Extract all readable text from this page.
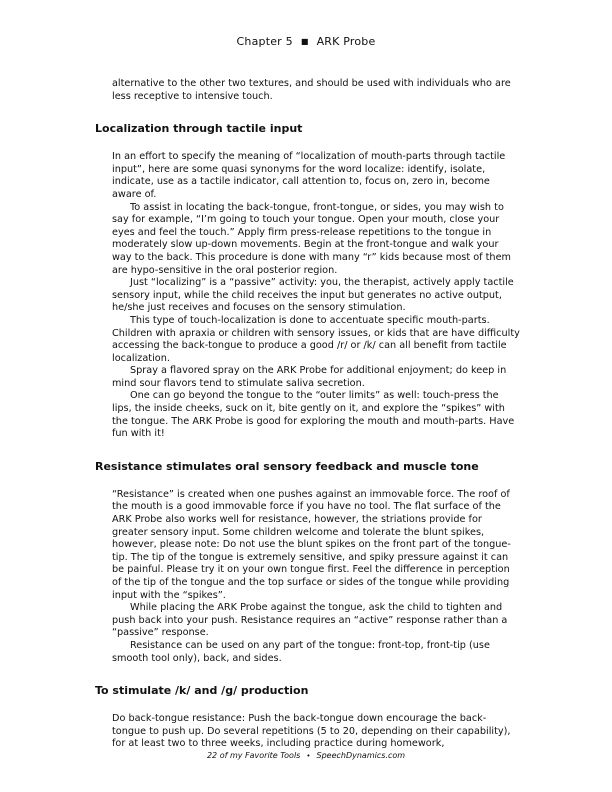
Chapter 5 ■ ARK Probe

alternative to the other two textures, and should be used with individuals who are less receptive to intensive touch.

Localization through tactile input

In an effort to specify the meaning of “localization of mouth-parts through tactile input”, here are some quasi synonyms for the word localize: identify, isolate, indicate, use as a tactile indicator, call attention to, focus on, zero in, become aware of.

To assist in locating the back-tongue, front-tongue, or sides, you may wish to say for example, “I’m going to touch your tongue. Open your mouth, close your eyes and feel the touch.” Apply firm press-release repetitions to the tongue in moderately slow up-down movements. Begin at the front-tongue and walk your way to the back. This procedure is done with many “r” kids because most of them are hypo-sensitive in the oral posterior region.

Just “localizing” is a “passive” activity: you, the therapist, actively apply tactile sensory input, while the child receives the input but generates no active output, he/she just receives and focuses on the sensory stimulation.

This type of touch-localization is done to accentuate specific mouth-parts. Children with apraxia or children with sensory issues, or kids that are have difficulty accessing the back-tongue to produce a good /r/ or /k/ can all benefit from tactile localization.

Spray a flavored spray on the ARK Probe for additional enjoyment; do keep in mind sour flavors tend to stimulate saliva secretion.

One can go beyond the tongue to the “outer limits” as well: touch-press the lips, the inside cheeks, suck on it, bite gently on it, and explore the “spikes” with the tongue. The ARK Probe is good for exploring the mouth and mouth-parts. Have fun with it!

Resistance stimulates oral sensory feedback and muscle tone

“Resistance” is created when one pushes against an immovable force. The roof of the mouth is a good immovable force if you have no tool. The flat surface of the ARK Probe also works well for resistance, however, the striations provide for greater sensory input. Some children welcome and tolerate the blunt spikes, however, please note: Do not use the blunt spikes on the front part of the tongue-tip. The tip of the tongue is extremely sensitive, and spiky pressure against it can be painful. Please try it on your own tongue first. Feel the difference in perception of the tip of the tongue and the top surface or sides of the tongue while providing input with the “spikes”.

While placing the ARK Probe against the tongue, ask the child to tighten and push back into your push. Resistance requires an “active” response rather than a “passive” response.

Resistance can be used on any part of the tongue: front-top, front-tip (use smooth tool only), back, and sides.

To stimulate /k/ and /g/ production

Do back-tongue resistance: Push the back-tongue down encourage the back-tongue to push up. Do several repetitions (5 to 20, depending on their capability), for at least two to three weeks, including practice during homework,

22 of my Favorite Tools • SpeechDynamics.com
